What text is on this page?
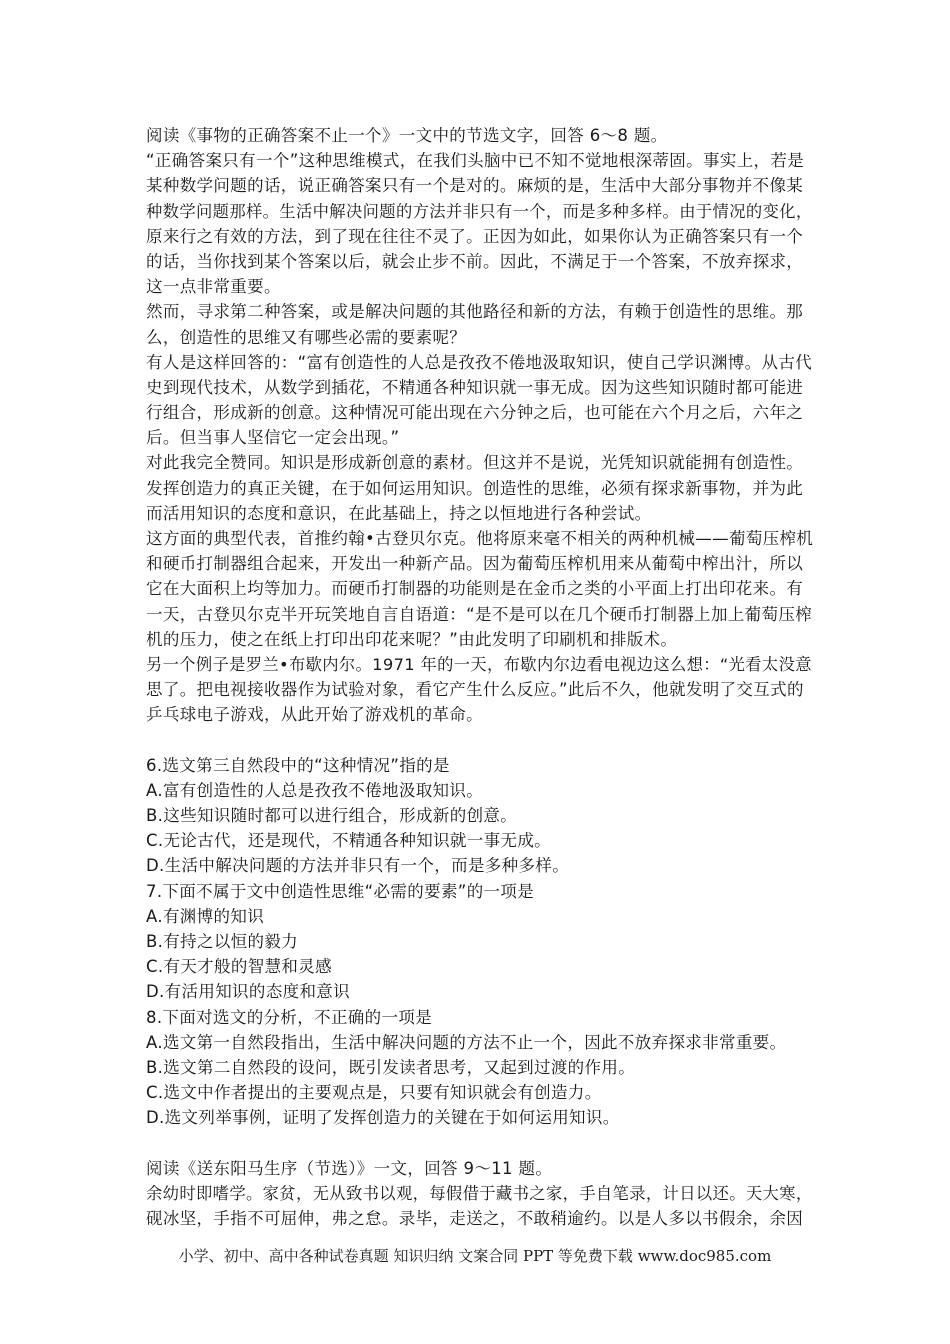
阅读《事物的正确答案不止一个》一文中的节选文字，回答 6～8 题。
“正确答案只有一个”这种思维模式，在我们头脑中已不知不觉地根深蒂固。事实上，若是
某种数学问题的话，说正确答案只有一个是对的。麻烦的是，生活中大部分事物并不像某
种数学问题那样。生活中解决问题的方法并非只有一个，而是多种多样。由于情况的变化，
原来行之有效的方法，到了现在往往不灵了。正因为如此，如果你认为正确答案只有一个
的话，当你找到某个答案以后，就会止步不前。因此，不满足于一个答案，不放弃探求，
这一点非常重要。
然而，寻求第二种答案，或是解决问题的其他路径和新的方法，有赖于创造性的思维。那
么，创造性的思维又有哪些必需的要素呢？
有人是这样回答的：“富有创造性的人总是孜孜不倦地汲取知识，使自己学识渊博。从古代
史到现代技术，从数学到插花，不精通各种知识就一事无成。因为这些知识随时都可能进
行组合，形成新的创意。这种情况可能出现在六分钟之后，也可能在六个月之后，六年之
后。但当事人坚信它一定会出现。”
对此我完全赞同。知识是形成新创意的素材。但这并不是说，光凭知识就能拥有创造性。
发挥创造力的真正关键，在于如何运用知识。创造性的思维，必须有探求新事物，并为此
而活用知识的态度和意识，在此基础上，持之以恒地进行各种尝试。
这方面的典型代表，首推约翰•古登贝尔克。他将原来毫不相关的两种机械——葡萄压榨机
和硬币打制器组合起来，开发出一种新产品。因为葡萄压榨机用来从葡萄中榨出汁，所以
它在大面积上均等加力。而硬币打制器的功能则是在金币之类的小平面上打出印花来。有
一天，古登贝尔克半开玩笑地自言自语道：“是不是可以在几个硬币打制器上加上葡萄压榨
机的压力，使之在纸上打印出印花来呢？”由此发明了印刷机和排版术。
另一个例子是罗兰•布歇内尔。1971 年的一天，布歇内尔边看电视边这么想：“光看太没意
思了。把电视接收器作为试验对象，看它产生什么反应。”此后不久，他就发明了交互式的
乒乓球电子游戏，从此开始了游戏机的革命。
6.选文第三自然段中的“这种情况”指的是
A.富有创造性的人总是孜孜不倦地汲取知识。
B.这些知识随时都可以进行组合，形成新的创意。
C.无论古代，还是现代，不精通各种知识就一事无成。
D.生活中解决问题的方法并非只有一个，而是多种多样。
7.下面不属于文中创造性思维“必需的要素”的一项是
A.有渊博的知识
B.有持之以恒的毅力
C.有天才般的智慧和灵感
D.有活用知识的态度和意识
8.下面对选文的分析，不正确的一项是
A.选文第一自然段指出，生活中解决问题的方法不止一个，因此不放弃探求非常重要。
B.选文第二自然段的设问，既引发读者思考，又起到过渡的作用。
C.选文中作者提出的主要观点是，只要有知识就会有创造力。
D.选文列举事例，证明了发挥创造力的关键在于如何运用知识。
阅读《送东阳马生序（节选）》一文，回答 9～11 题。
余幼时即嗜学。家贫，无从致书以观，每假借于藏书之家，手自笔录，计日以还。天大寒，
砚冰坚，手指不可屈伸，弗之怠。录毕，走送之，不敢稍逾约。以是人多以书假余，余因
小学、初中、高中各种试卷真题 知识归纳 文案合同 PPT 等免费下载 www.doc985.com
